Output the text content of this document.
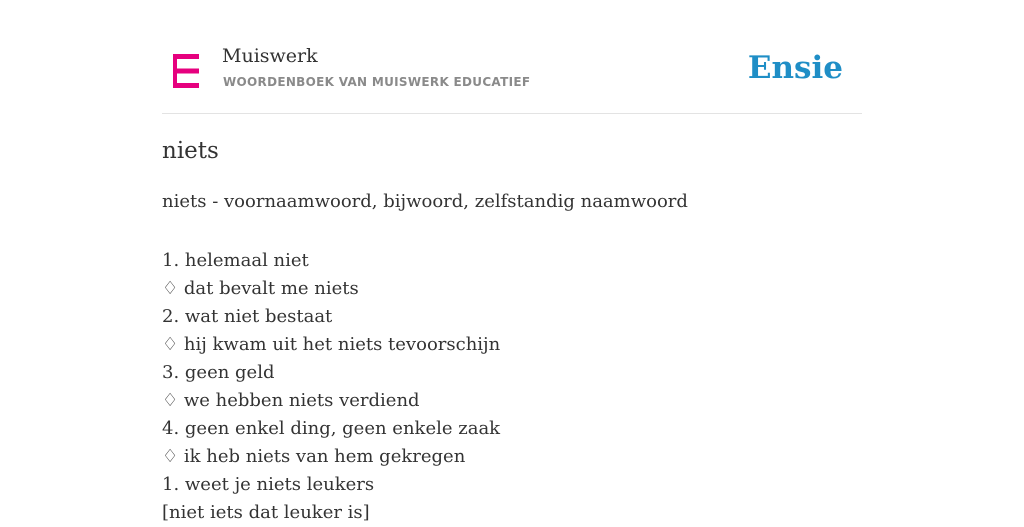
Muiswerk
WOORDENBOEK VAN MUISWERK EDUCATIEF	Ensie
niets
niets - voornaamwoord, bijwoord, zelfstandig naamwoord
1. helemaal niet
♢ dat bevalt me niets
2. wat niet bestaat
♢ hij kwam uit het niets tevoorschijn
3. geen geld
♢ we hebben niets verdiend
4. geen enkel ding, geen enkele zaak
♢ ik heb niets van hem gekregen
1. weet je niets leukers
[niet iets dat leuker is]
